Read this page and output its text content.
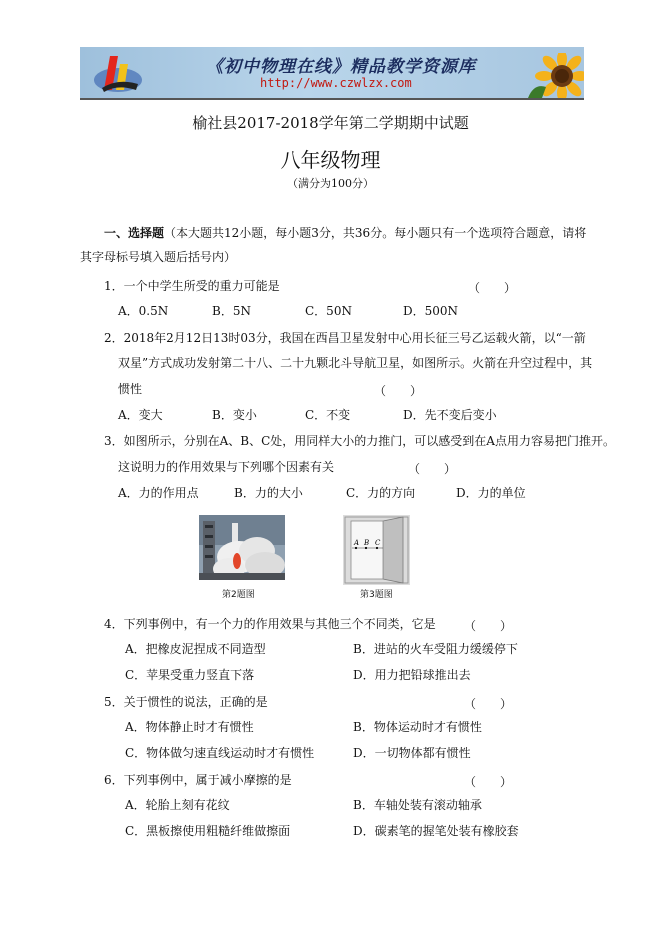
《初中物理在线》精品教学资源库
http://www.czwlzx.com
榆社县2017-2018学年第二学期期中试题
八年级物理
（满分为100分）
一、选择题（本大题共12小题，每小题3分，共36分。每小题只有一个选项符合题意，请将
其字母标号填入题后括号内）
1．一个中学生所受的重力可能是	（　　）
A．0.5N	B．5N	C．50N	D．500N
2．2018年2月12日13时03分，我国在西昌卫星发射中心用长征三号乙运载火箭，以“一箭
双星”方式成功发射第二十八、二十九颗北斗导航卫星，如图所示。火箭在升空过程中，其
惯性	（　　）
A．变大	B．变小	C．不变	D．先不变后变小
3．如图所示，分别在A、B、C处，用同样大小的力推门，可以感受到在A点用力容易把门推开。
这说明力的作用效果与下列哪个因素有关	（　　）
A．力的作用点	B．力的大小	C．力的方向	D．力的单位
第2题图
A B C
第3题图
4．下列事例中，有一个力的作用效果与其他三个不同类，它是 （　　）
A．把橡皮泥捏成不同造型	B．进站的火车受阻力缓缓停下
C．苹果受重力竖直下落	D．用力把铅球推出去
5．关于惯性的说法，正确的是	（　　）
A．物体静止时才有惯性	B．物体运动时才有惯性
C．物体做匀速直线运动时才有惯性	D．一切物体都有惯性
6．下列事例中，属于减小摩擦的是	（　　）
A．轮胎上刻有花纹	B．车轴处装有滚动轴承
C．黑板擦使用粗糙纤维做擦面	D．碳素笔的握笔处装有橡胶套
